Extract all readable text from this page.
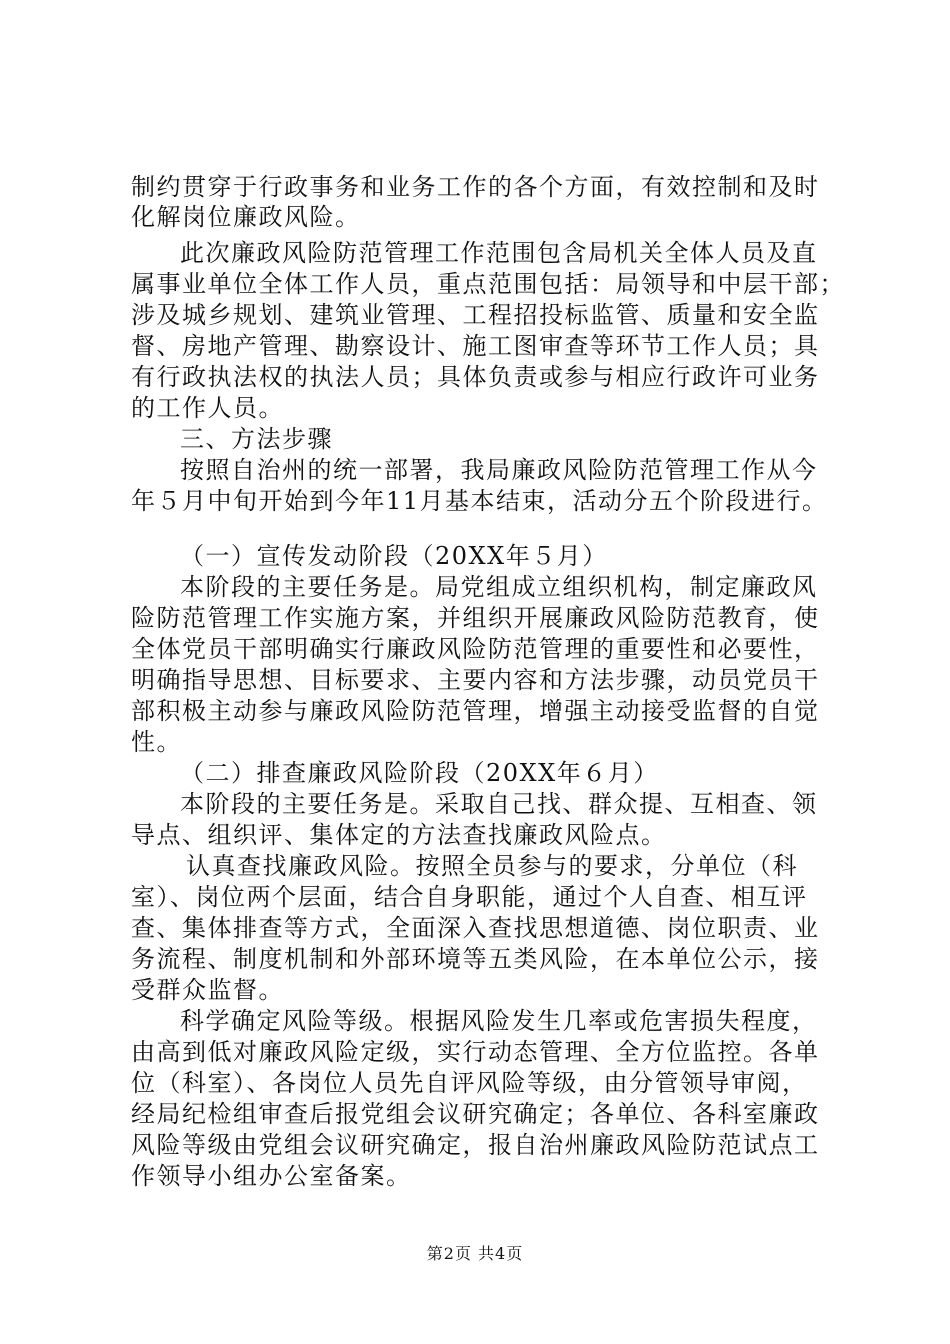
制约贯穿于行政事务和业务工作的各个方面，有效控制和及时
化解岗位廉政风险。
此次廉政风险防范管理工作范围包含局机关全体人员及直
属事业单位全体工作人员，重点范围包括：局领导和中层干部；
涉及城乡规划、建筑业管理、工程招投标监管、质量和安全监
督、房地产管理、勘察设计、施工图审查等环节工作人员；具
有行政执法权的执法人员；具体负责或参与相应行政许可业务
的工作人员。
三、方法步骤
按照自治州的统一部署，我局廉政风险防范管理工作从今
年５月中旬开始到今年11月基本结束，活动分五个阶段进行。
（一）宣传发动阶段（20XX年５月）
本阶段的主要任务是。局党组成立组织机构，制定廉政风
险防范管理工作实施方案，并组织开展廉政风险防范教育，使
全体党员干部明确实行廉政风险防范管理的重要性和必要性，
明确指导思想、目标要求、主要内容和方法步骤，动员党员干
部积极主动参与廉政风险防范管理，增强主动接受监督的自觉
性。
（二）排查廉政风险阶段（20XX年６月）
本阶段的主要任务是。采取自己找、群众提、互相查、领
导点、组织评、集体定的方法查找廉政风险点。
认真查找廉政风险。按照全员参与的要求，分单位（科
室）、岗位两个层面，结合自身职能，通过个人自查、相互评
查、集体排查等方式，全面深入查找思想道德、岗位职责、业
务流程、制度机制和外部环境等五类风险，在本单位公示，接
受群众监督。
科学确定风险等级。根据风险发生几率或危害损失程度，
由高到低对廉政风险定级，实行动态管理、全方位监控。各单
位（科室）、各岗位人员先自评风险等级，由分管领导审阅，
经局纪检组审查后报党组会议研究确定；各单位、各科室廉政
风险等级由党组会议研究确定，报自治州廉政风险防范试点工
作领导小组办公室备案。
第2页 共4页
